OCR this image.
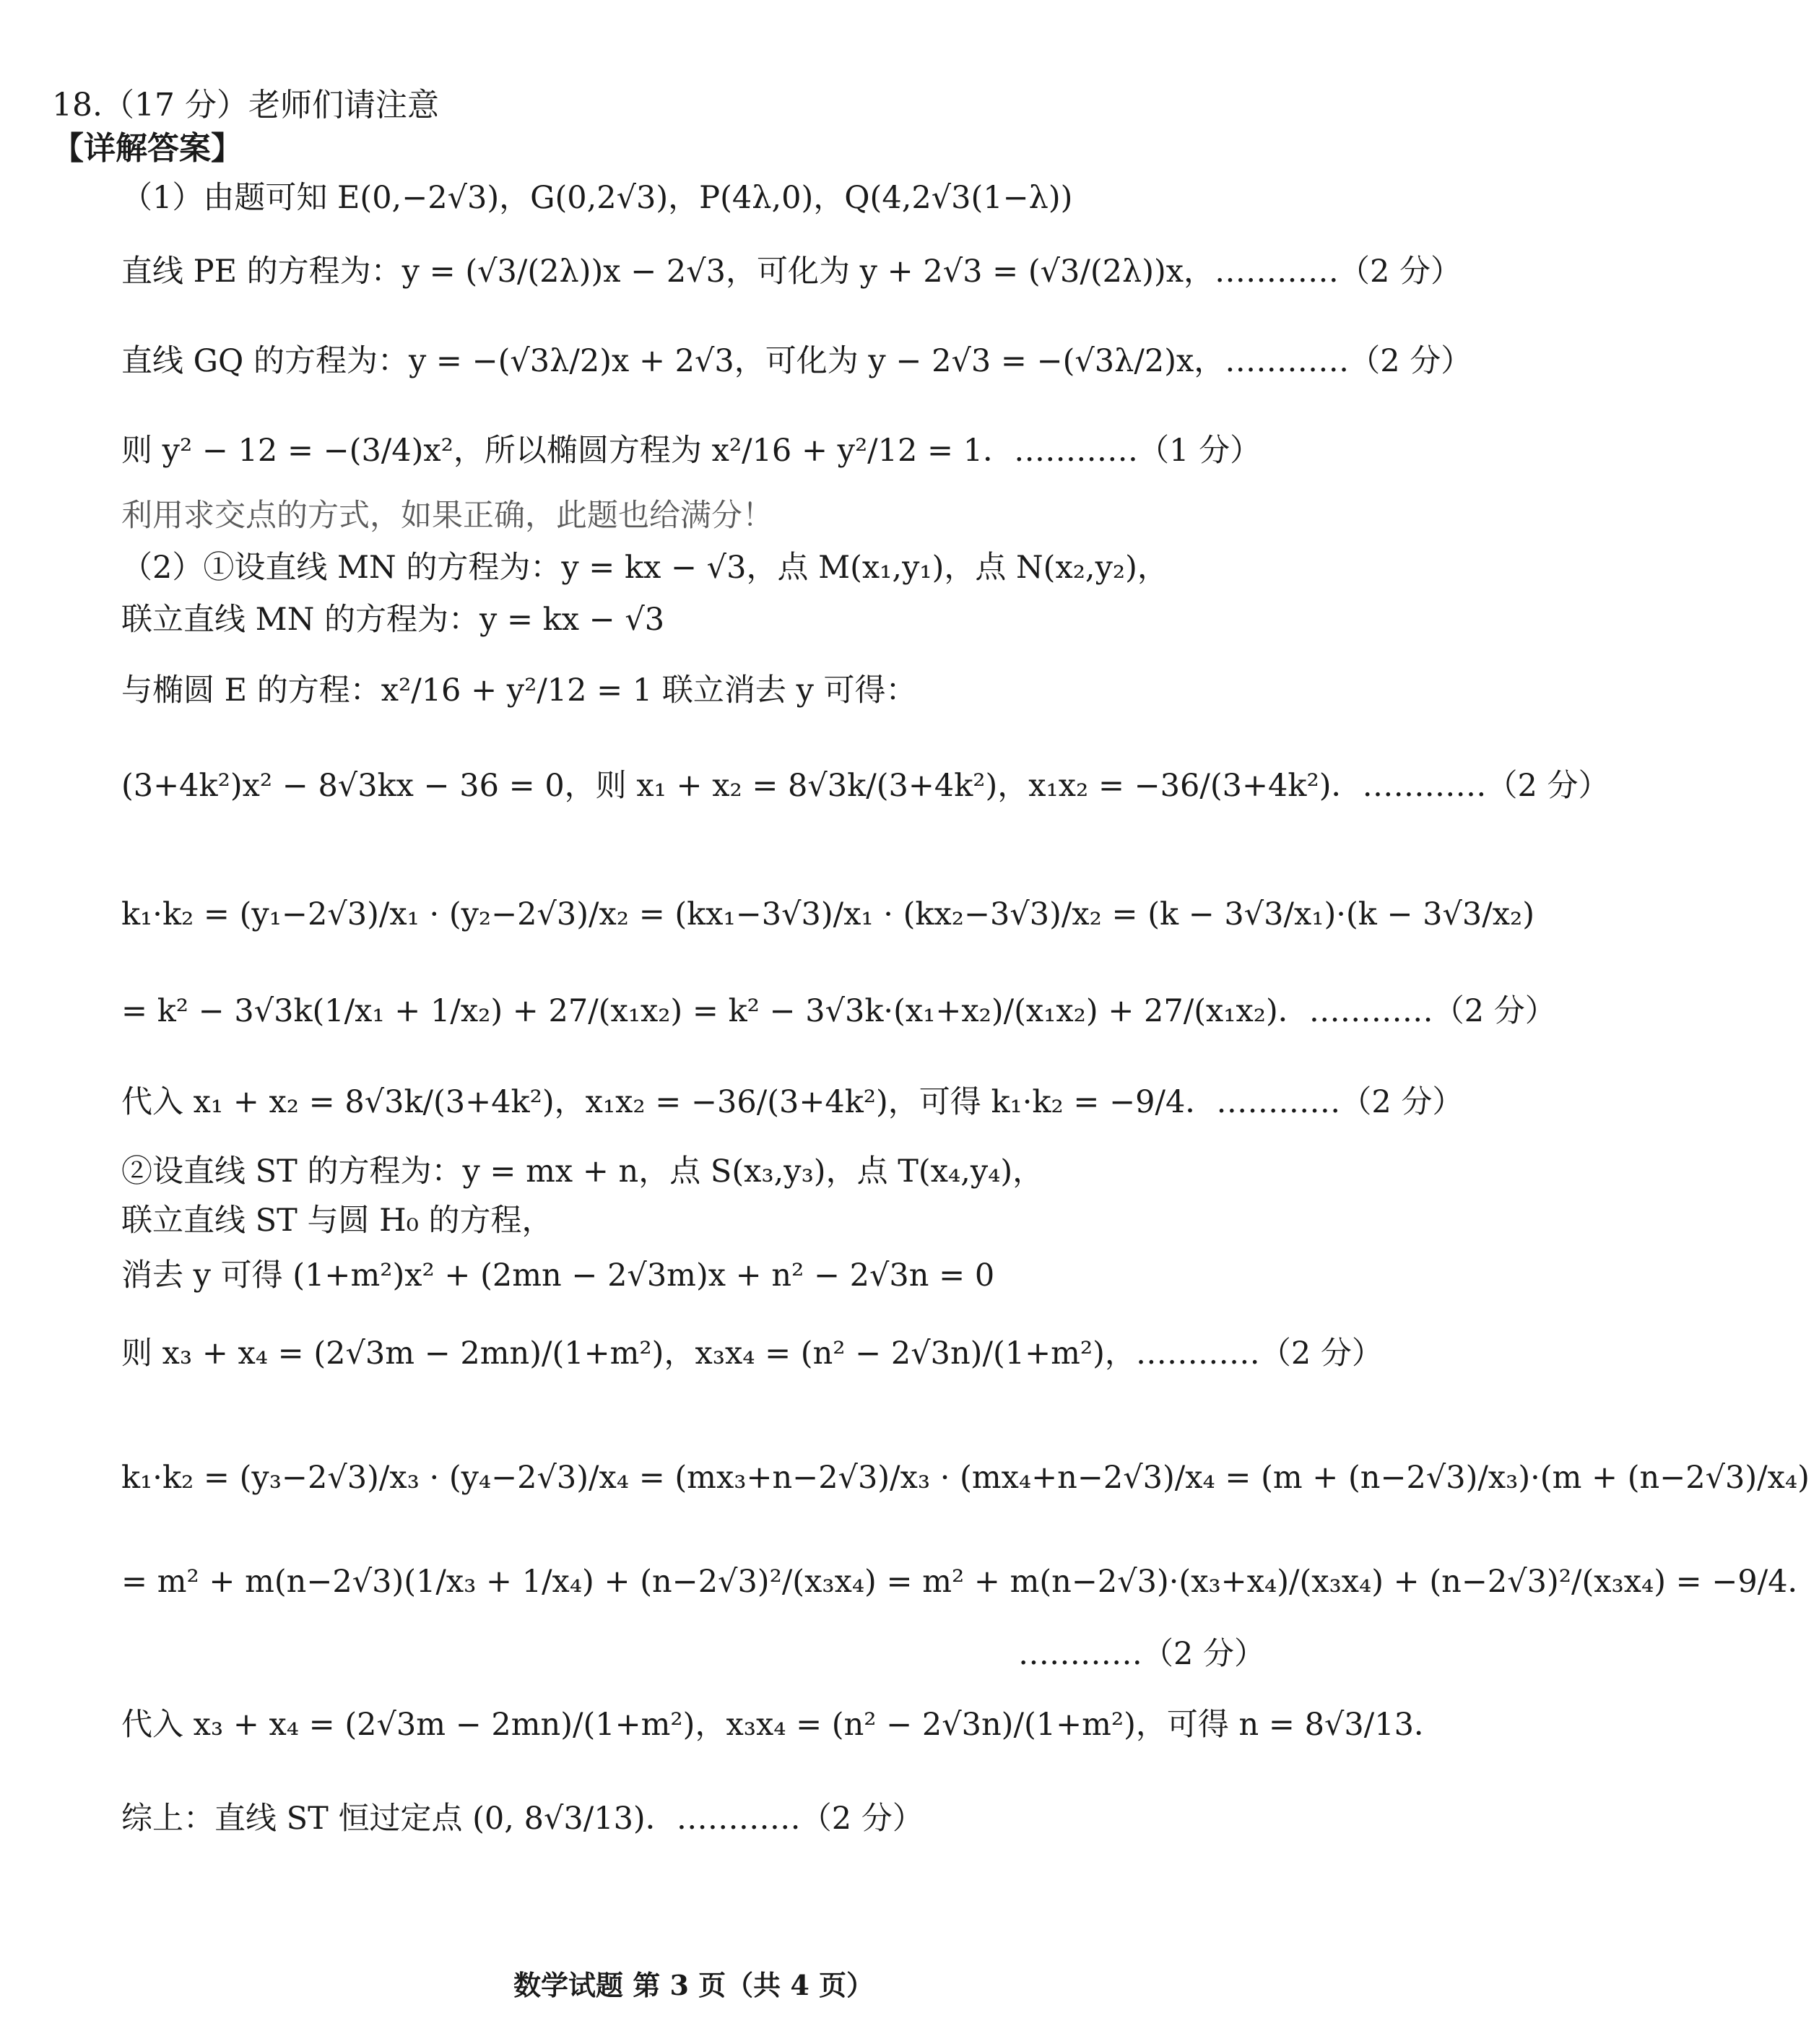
18.（17 分）老师们请注意
【详解答案】
（1）由题可知 E(0,−2√3)，G(0,2√3)，P(4λ,0)，Q(4,2√3(1−λ))
直线 PE 的方程为：y = (√3/(2λ))x − 2√3，可化为 y + 2√3 = (√3/(2λ))x，…………（2 分）
直线 GQ 的方程为：y = −(√3λ/2)x + 2√3，可化为 y − 2√3 = −(√3λ/2)x，…………（2 分）
则 y² − 12 = −(3/4)x²，所以椭圆方程为 x²/16 + y²/12 = 1．…………（1 分）
利用求交点的方式，如果正确，此题也给满分！
（2）①设直线 MN 的方程为：y = kx − √3，点 M(x₁,y₁)，点 N(x₂,y₂)，
联立直线 MN 的方程为：y = kx − √3
与椭圆 E 的方程：x²/16 + y²/12 = 1 联立消去 y 可得：
(3+4k²)x² − 8√3kx − 36 = 0，则 x₁ + x₂ = 8√3k/(3+4k²)，x₁x₂ = −36/(3+4k²)．…………（2 分）
k₁·k₂ = (y₁−2√3)/x₁ · (y₂−2√3)/x₂ = (kx₁−3√3)/x₁ · (kx₂−3√3)/x₂ = (k − 3√3/x₁)·(k − 3√3/x₂)
= k² − 3√3k(1/x₁ + 1/x₂) + 27/(x₁x₂) = k² − 3√3k·(x₁+x₂)/(x₁x₂) + 27/(x₁x₂)．…………（2 分）
代入 x₁ + x₂ = 8√3k/(3+4k²)，x₁x₂ = −36/(3+4k²)，可得 k₁·k₂ = −9/4．…………（2 分）
②设直线 ST 的方程为：y = mx + n，点 S(x₃,y₃)，点 T(x₄,y₄)，
联立直线 ST 与圆 H₀ 的方程，
消去 y 可得 (1+m²)x² + (2mn − 2√3m)x + n² − 2√3n = 0
则 x₃ + x₄ = (2√3m − 2mn)/(1+m²)，x₃x₄ = (n² − 2√3n)/(1+m²)，…………（2 分）
k₁·k₂ = (y₃−2√3)/x₃ · (y₄−2√3)/x₄ = (mx₃+n−2√3)/x₃ · (mx₄+n−2√3)/x₄ = (m + (n−2√3)/x₃)·(m + (n−2√3)/x₄)
= m² + m(n−2√3)(1/x₃ + 1/x₄) + (n−2√3)²/(x₃x₄) = m² + m(n−2√3)·(x₃+x₄)/(x₃x₄) + (n−2√3)²/(x₃x₄) = −9/4．
…………（2 分）
代入 x₃ + x₄ = (2√3m − 2mn)/(1+m²)，x₃x₄ = (n² − 2√3n)/(1+m²)，可得 n = 8√3/13．
综上：直线 ST 恒过定点 (0, 8√3/13)．…………（2 分）
数学试题 第 3 页（共 4 页）
